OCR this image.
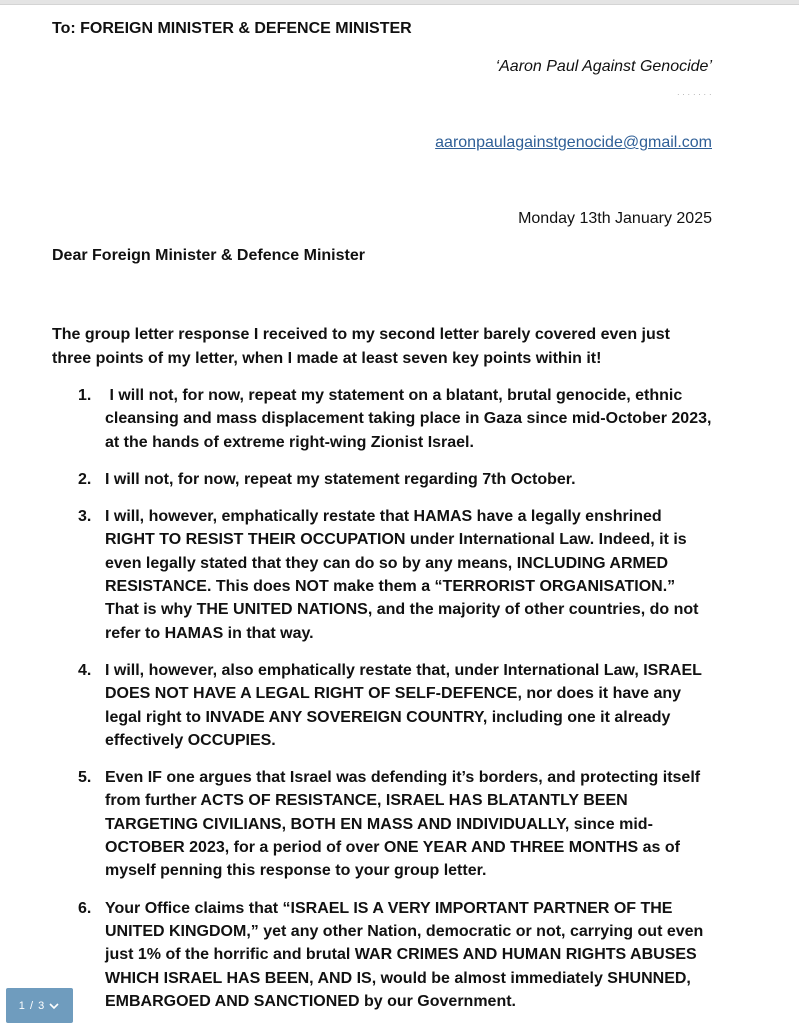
To: FOREIGN MINISTER & DEFENCE MINISTER

‘Aaron Paul Against Genocide’

. . . . . . .

aaronpaulagainstgenocide@gmail.com

Monday 13th January 2025

Dear Foreign Minister & Defence Minister

The group letter response I received to my second letter barely covered even just three points of my letter, when I made at least seven key points within it!

1. I will not, for now, repeat my statement on a blatant, brutal genocide, ethnic cleansing and mass displacement taking place in Gaza since mid-October 2023, at the hands of extreme right-wing Zionist Israel.
2. I will not, for now, repeat my statement regarding 7th October.
3. I will, however, emphatically restate that HAMAS have a legally enshrined RIGHT TO RESIST THEIR OCCUPATION under International Law. Indeed, it is even legally stated that they can do so by any means, INCLUDING ARMED RESISTANCE. This does NOT make them a “TERRORIST ORGANISATION.” That is why THE UNITED NATIONS, and the majority of other countries, do not refer to HAMAS in that way.
4. I will, however, also emphatically restate that, under International Law, ISRAEL DOES NOT HAVE A LEGAL RIGHT OF SELF-DEFENCE, nor does it have any legal right to INVADE ANY SOVEREIGN COUNTRY, including one it already effectively OCCUPIES.
5. Even IF one argues that Israel was defending it’s borders, and protecting itself from further ACTS OF RESISTANCE, ISRAEL HAS BLATANTLY BEEN TARGETING CIVILIANS, BOTH EN MASS AND INDIVIDUALLY, since mid-OCTOBER 2023, for a period of over ONE YEAR AND THREE MONTHS as of myself penning this response to your group letter.
6. Your Office claims that “ISRAEL IS A VERY IMPORTANT PARTNER OF THE UNITED KINGDOM,” yet any other Nation, democratic or not, carrying out even just 1% of the horrific and brutal WAR CRIMES AND HUMAN RIGHTS ABUSES WHICH ISRAEL HAS BEEN, AND IS, would be almost immediately SHUNNED, EMBARGOED AND SANCTIONED by our Government.
1 / 3
